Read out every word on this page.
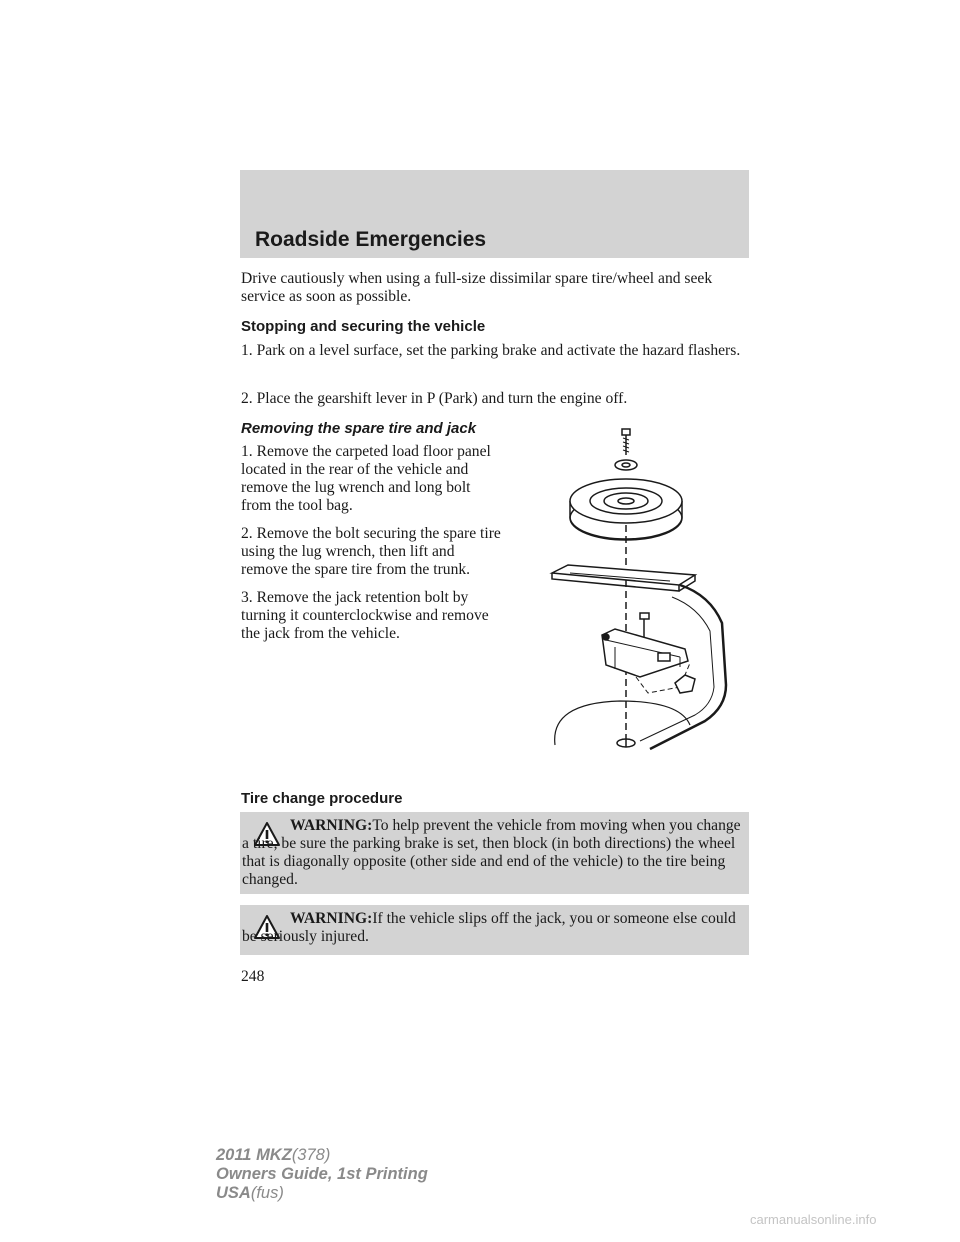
Roadside Emergencies
Drive cautiously when using a full-size dissimilar spare tire/wheel and seek service as soon as possible.
Stopping and securing the vehicle
1. Park on a level surface, set the parking brake and activate the hazard flashers.
2. Place the gearshift lever in P (Park) and turn the engine off.
Removing the spare tire and jack
1. Remove the carpeted load floor panel located in the rear of the vehicle and remove the lug wrench and long bolt from the tool bag.
2. Remove the bolt securing the spare tire using the lug wrench, then lift and remove the spare tire from the trunk.
3. Remove the jack retention bolt by turning it counterclockwise and remove the jack from the vehicle.
Tire change procedure
WARNING:To help prevent the vehicle from moving when you change a tire, be sure the parking brake is set, then block (in both directions) the wheel that is diagonally opposite (other side and end of the vehicle) to the tire being changed.
WARNING:If the vehicle slips off the jack, you or someone else could be seriously injured.
248
2011 MKZ(378)
Owners Guide, 1st Printing
USA(fus)
carmanualsonline.info
